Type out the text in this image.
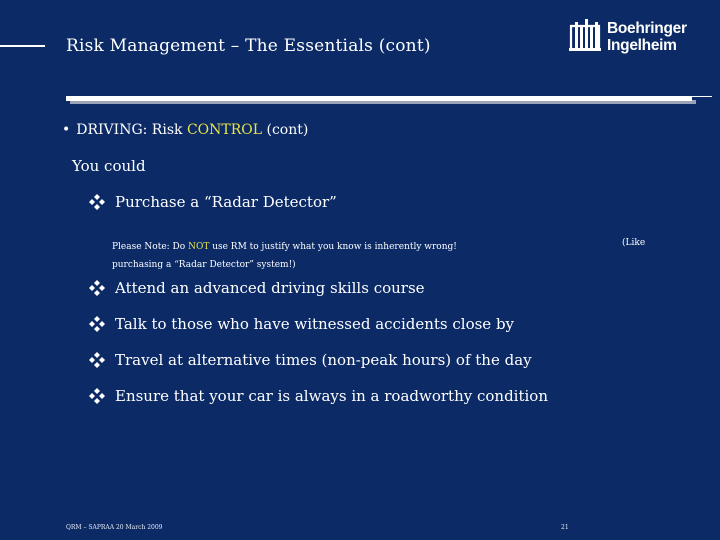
Risk Management – The Essentials (cont)
Boehringer
Ingelheim
• DRIVING: Risk CONTROL (cont)
You could
Purchase a “Radar Detector”
Please Note: Do NOT use RM to justify what you know is inherently wrong!
purchasing a “Radar Detector” system!)
(Like
Attend an advanced driving skills course
Talk to those who have witnessed accidents close by
Travel at alternative times (non-peak hours) of the day
Ensure that your car is always in a roadworthy condition
QRM – SAPRAA 20 March 2009	21
